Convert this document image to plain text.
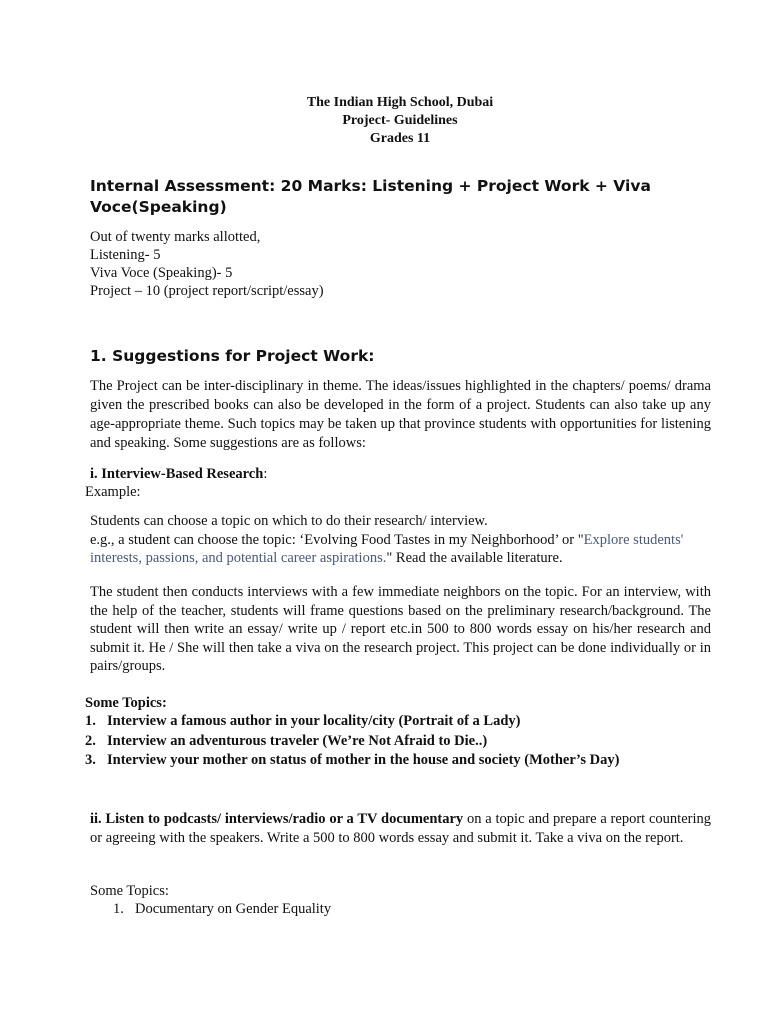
The Indian High School, Dubai
Project- Guidelines
Grades 11
Internal Assessment: 20 Marks: Listening + Project Work + Viva Voce(Speaking)
Out of twenty marks allotted,
Listening- 5
Viva Voce (Speaking)- 5
Project – 10 (project report/script/essay)
1. Suggestions for Project Work:
The Project can be inter-disciplinary in theme. The ideas/issues highlighted in the chapters/ poems/ drama given the prescribed books can also be developed in the form of a project. Students can also take up any age-appropriate theme. Such topics may be taken up that province students with opportunities for listening and speaking. Some suggestions are as follows:
i. Interview-Based Research:
Example:
Students can choose a topic on which to do their research/ interview.
e.g., a student can choose the topic: ‘Evolving Food Tastes in my Neighborhood’ or "Explore students' interests, passions, and potential career aspirations." Read the available literature.
The student then conducts interviews with a few immediate neighbors on the topic. For an interview, with the help of the teacher, students will frame questions based on the preliminary research/background. The student will then write an essay/ write up / report etc.in 500 to 800 words essay on his/her research and submit it. He / She will then take a viva on the research project. This project can be done individually or in pairs/groups.
Some Topics:
1. Interview a famous author in your locality/city (Portrait of a Lady)
2. Interview an adventurous traveler (We’re Not Afraid to Die..)
3. Interview your mother on status of mother in the house and society (Mother’s Day)
ii. Listen to podcasts/ interviews/radio or a TV documentary on a topic and prepare a report countering or agreeing with the speakers. Write a 500 to 800 words essay and submit it. Take a viva on the report.
Some Topics:
1. Documentary on Gender Equality
